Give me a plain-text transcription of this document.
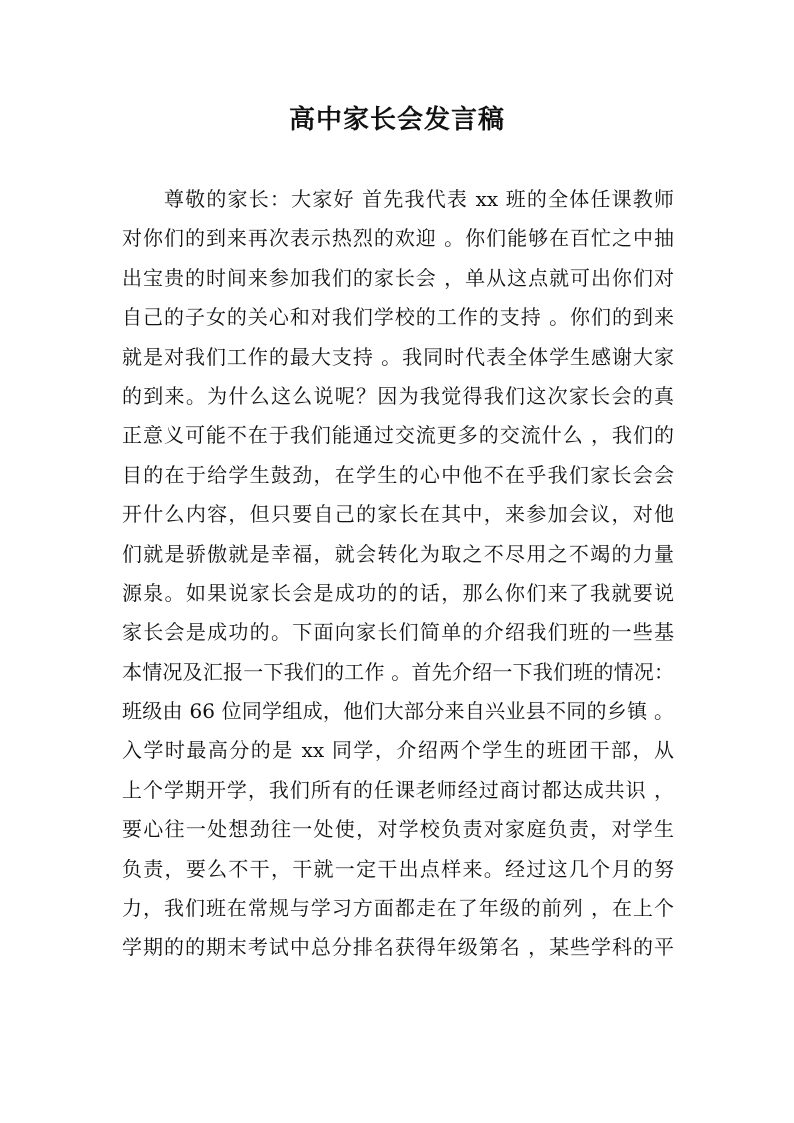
高中家长会发言稿
尊敬的家长：大家好 首先我代表 xx 班的全体任课教师
对你们的到来再次表示热烈的欢迎 。你们能够在百忙之中抽
出宝贵的时间来参加我们的家长会 ，单从这点就可出你们对
自己的子女的关心和对我们学校的工作的支持 。你们的到来
就是对我们工作的最大支持 。我同时代表全体学生感谢大家
的到来。为什么这么说呢？因为我觉得我们这次家长会的真
正意义可能不在于我们能通过交流更多的交流什么 ，我们的
目的在于给学生鼓劲，在学生的心中他不在乎我们家长会会
开什么内容，但只要自己的家长在其中，来参加会议，对他
们就是骄傲就是幸福，就会转化为取之不尽用之不竭的力量
源泉。如果说家长会是成功的的话，那么你们来了我就要说
家长会是成功的。下面向家长们简单的介绍我们班的一些基
本情况及汇报一下我们的工作 。首先介绍一下我们班的情况：
班级由 66 位同学组成，他们大部分来自兴业县不同的乡镇 。
入学时最高分的是 xx 同学，介绍两个学生的班团干部，从
上个学期开学，我们所有的任课老师经过商讨都达成共识 ，
要心往一处想劲往一处使，对学校负责对家庭负责，对学生
负责，要么不干，干就一定干出点样来。经过这几个月的努
力，我们班在常规与学习方面都走在了年级的前列 ，在上个
学期的的期末考试中总分排名获得年级第名 ，某些学科的平
